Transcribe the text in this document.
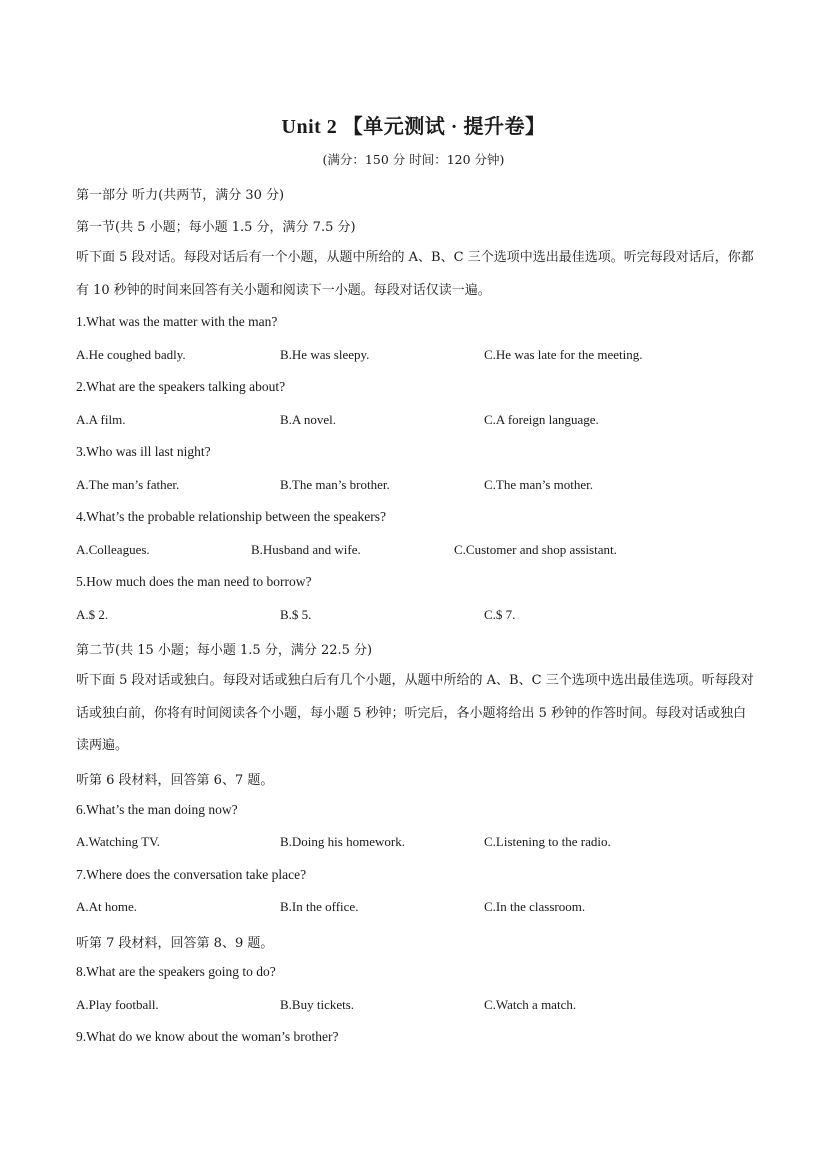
Unit 2 【单元测试 · 提升卷】
(满分：150 分 时间：120 分钟)
第一部分 听力(共两节，满分 30 分)
第一节(共 5 小题；每小题 1.5 分，满分 7.5 分)
听下面 5 段对话。每段对话后有一个小题，从题中所给的 A、B、C 三个选项中选出最佳选项。听完每段对话后，你都有 10 秒钟的时间来回答有关小题和阅读下一小题。每段对话仅读一遍。
1.What was the matter with the man?
A.He coughed badly.	B.He was sleepy.	C.He was late for the meeting.
2.What are the speakers talking about?
A.A film.	B.A novel.	C.A foreign language.
3.Who was ill last night?
A.The man’s father.	B.The man’s brother.	C.The man’s mother.
4.What’s the probable relationship between the speakers?
A.Colleagues.	B.Husband and wife.	C.Customer and shop assistant.
5.How much does the man need to borrow?
A.$ 2.	B.$ 5.	C.$ 7.
第二节(共 15 小题；每小题 1.5 分，满分 22.5 分)
听下面 5 段对话或独白。每段对话或独白后有几个小题，从题中所给的 A、B、C 三个选项中选出最佳选项。听每段对话或独白前，你将有时间阅读各个小题，每小题 5 秒钟；听完后，各小题将给出 5 秒钟的作答时间。每段对话或独白读两遍。
听第 6 段材料，回答第 6、7 题。
6.What’s the man doing now?
A.Watching TV.	B.Doing his homework.	C.Listening to the radio.
7.Where does the conversation take place?
A.At home.	B.In the office.	C.In the classroom.
听第 7 段材料，回答第 8、9 题。
8.What are the speakers going to do?
A.Play football.	B.Buy tickets.	C.Watch a match.
9.What do we know about the woman’s brother?
